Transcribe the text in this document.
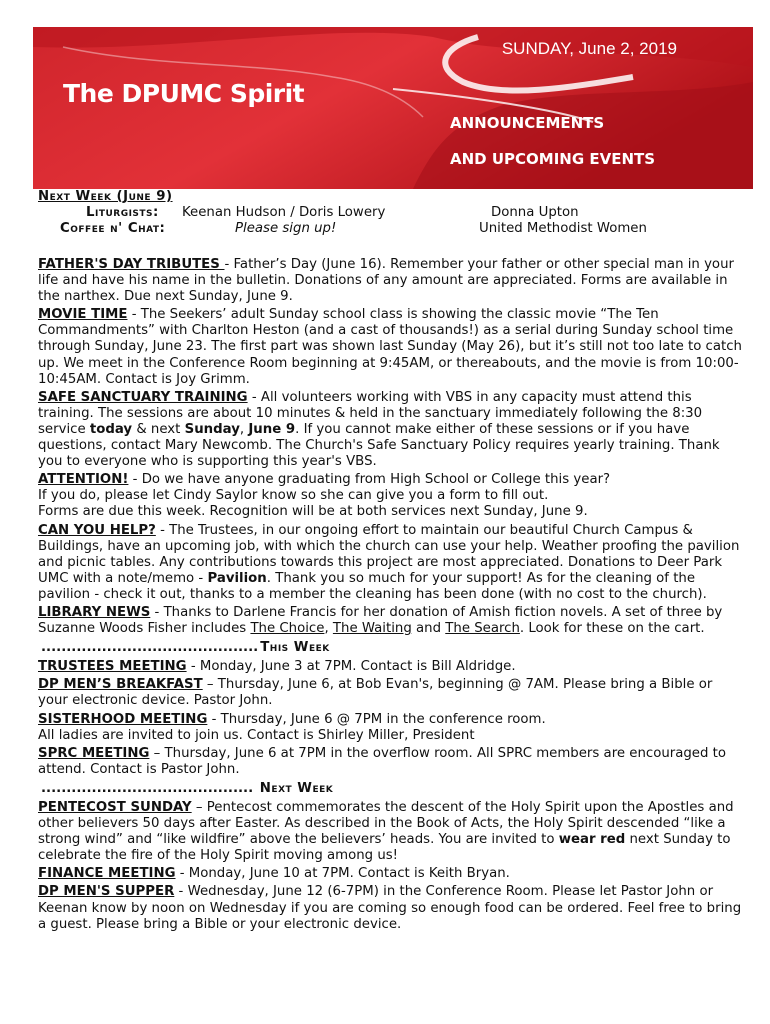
SUNDAY, June 2, 2019
The DPUMC Spirit
ANNOUNCEMENTS
AND UPCOMING EVENTS
Next Week (June 9)
Liturgists: Keenan Hudson / Doris Lowery	Donna Upton
Coffee n' Chat:	Please sign up!	United Methodist Women

FATHER'S DAY TRIBUTES - Father’s Day (June 16). Remember your father or other special man in your life and have his name in the bulletin. Donations of any amount are appreciated. Forms are available in the narthex. Due next Sunday, June 9.

MOVIE TIME - The Seekers’ adult Sunday school class is showing the classic movie “The Ten Commandments” with Charlton Heston (and a cast of thousands!) as a serial during Sunday school time through Sunday, June 23. The first part was shown last Sunday (May 26), but it’s still not too late to catch up. We meet in the Conference Room beginning at 9:45AM, or thereabouts, and the movie is from 10:00-10:45AM. Contact is Joy Grimm.

SAFE SANCTUARY TRAINING - All volunteers working with VBS in any capacity must attend this training. The sessions are about 10 minutes & held in the sanctuary immediately following the 8:30 service today & next Sunday, June 9. If you cannot make either of these sessions or if you have questions, contact Mary Newcomb. The Church's Safe Sanctuary Policy requires yearly training. Thank you to everyone who is supporting this year's VBS.

ATTENTION! - Do we have anyone graduating from High School or College this year?
If you do, please let Cindy Saylor know so she can give you a form to fill out.
Forms are due this week. Recognition will be at both services next Sunday, June 9.

CAN YOU HELP? - The Trustees, in our ongoing effort to maintain our beautiful Church Campus & Buildings, have an upcoming job, with which the church can use your help. Weather proofing the pavilion and picnic tables. Any contributions towards this project are most appreciated. Donations to Deer Park UMC with a note/memo - Pavilion. Thank you so much for your support! As for the cleaning of the pavilion - check it out, thanks to a member the cleaning has been done (with no cost to the church).

LIBRARY NEWS - Thanks to Darlene Francis for her donation of Amish fiction novels. A set of three by Suzanne Woods Fisher includes The Choice, The Waiting and The Search. Look for these on the cart.

........................................... This Week

TRUSTEES MEETING - Monday, June 3 at 7PM. Contact is Bill Aldridge.

DP MEN’S BREAKFAST – Thursday, June 6, at Bob Evan's, beginning @ 7AM. Please bring a Bible or your electronic device. Pastor John.

SISTERHOOD MEETING - Thursday, June 6 @ 7PM in the conference room.
All ladies are invited to join us. Contact is Shirley Miller, President

SPRC MEETING – Thursday, June 6 at 7PM in the overflow room. All SPRC members are encouraged to attend. Contact is Pastor John.

.......................................... Next Week

PENTECOST SUNDAY – Pentecost commemorates the descent of the Holy Spirit upon the Apostles and other believers 50 days after Easter. As described in the Book of Acts, the Holy Spirit descended “like a strong wind” and “like wildfire” above the believers’ heads. You are invited to wear red next Sunday to celebrate the fire of the Holy Spirit moving among us!

FINANCE MEETING - Monday, June 10 at 7PM. Contact is Keith Bryan.

DP MEN'S SUPPER - Wednesday, June 12 (6-7PM) in the Conference Room. Please let Pastor John or Keenan know by noon on Wednesday if you are coming so enough food can be ordered. Feel free to bring a guest. Please bring a Bible or your electronic device.
